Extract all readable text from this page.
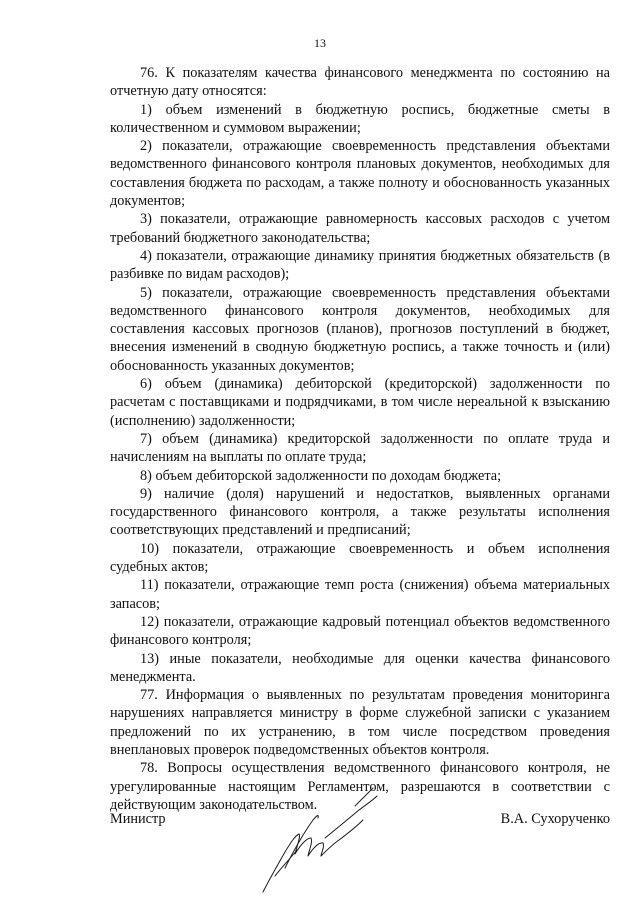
13

76. К показателям качества финансового менеджмента по состоянию на отчетную дату относятся:

1) объем изменений в бюджетную роспись, бюджетные сметы в количественном и суммовом выражении;

2) показатели, отражающие своевременность представления объектами ведомственного финансового контроля плановых документов, необходимых для составления бюджета по расходам, а также полноту и обоснованность указанных документов;

3) показатели, отражающие равномерность кассовых расходов с учетом требований бюджетного законодательства;

4) показатели, отражающие динамику принятия бюджетных обязательств (в разбивке по видам расходов);

5) показатели, отражающие своевременность представления объектами ведомственного финансового контроля документов, необходимых для составления кассовых прогнозов (планов), прогнозов поступлений в бюджет, внесения изменений в сводную бюджетную роспись, а также точность и (или) обоснованность указанных документов;

6) объем (динамика) дебиторской (кредиторской) задолженности по расчетам с поставщиками и подрядчиками, в том числе нереальной к взысканию (исполнению) задолженности;

7) объем (динамика) кредиторской задолженности по оплате труда и начислениям на выплаты по оплате труда;

8) объем дебиторской задолженности по доходам бюджета;

9) наличие (доля) нарушений и недостатков, выявленных органами государственного финансового контроля, а также результаты исполнения соответствующих представлений и предписаний;

10) показатели, отражающие своевременность и объем исполнения судебных актов;

11) показатели, отражающие темп роста (снижения) объема материальных запасов;

12) показатели, отражающие кадровый потенциал объектов ведомственного финансового контроля;

13) иные показатели, необходимые для оценки качества финансового менеджмента.

77. Информация о выявленных по результатам проведения мониторинга нарушениях направляется министру в форме служебной записки с указанием предложений по их устранению, в том числе посредством проведения внеплановых проверок подведомственных объектов контроля.

78. Вопросы осуществления ведомственного финансового контроля, не урегулированные настоящим Регламентом, разрешаются в соответствии с действующим законодательством.

Министр	В.А. Сухорученко
